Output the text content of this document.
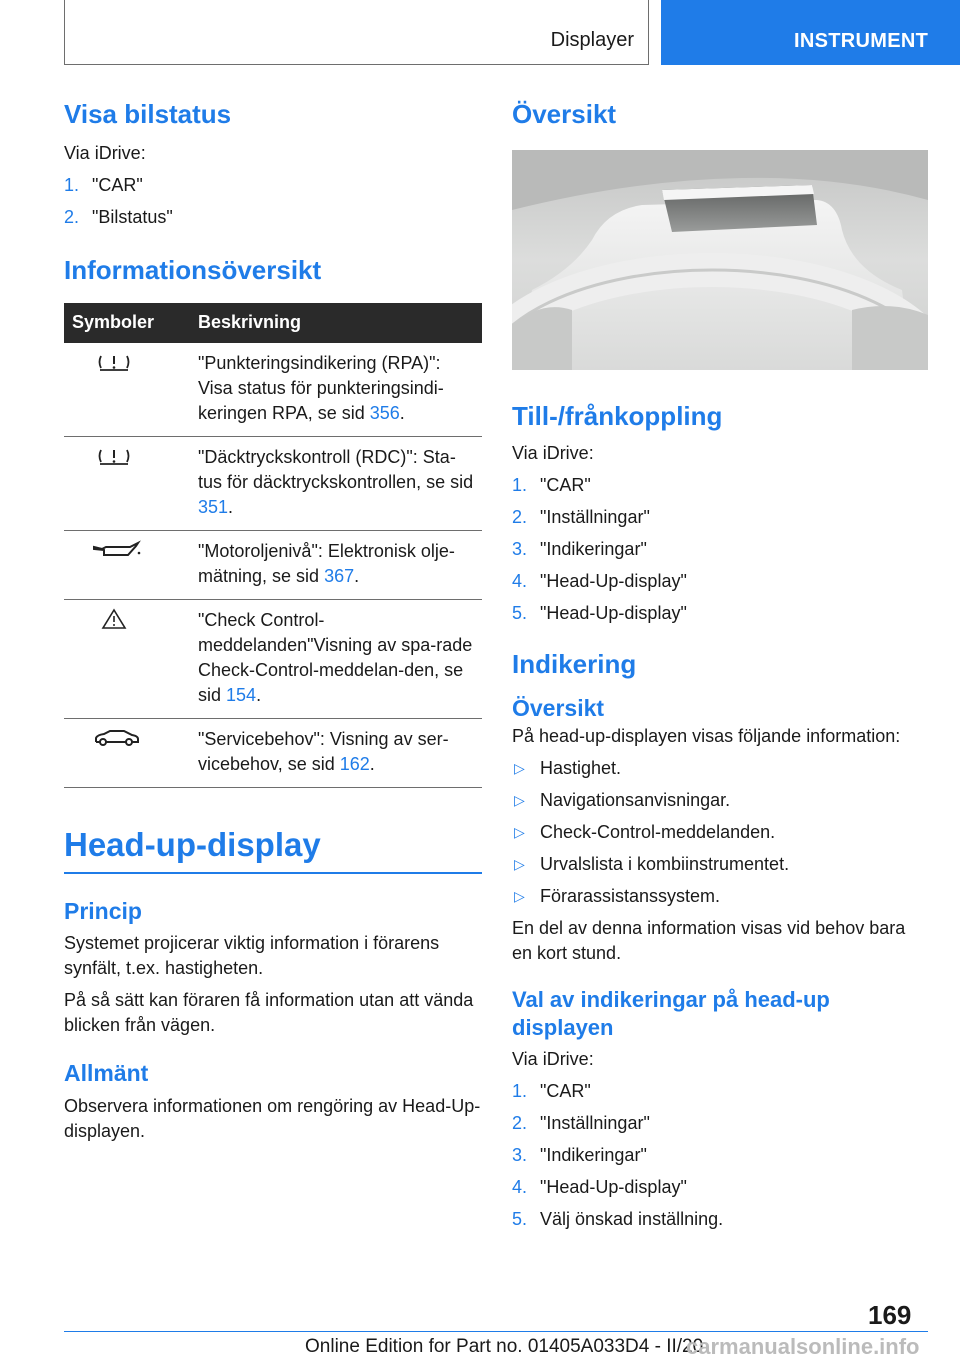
Displayer	INSTRUMENT
Visa bilstatus

Via iDrive:

1. "CAR"
2. "Bilstatus"
Informationsöversikt
Symboler	Beskrivning

	"Punkteringsindikering (RPA)": Visa status för punkteringsindi-keringen RPA, se sid 356.

	"Däcktryckskontroll (RDC)": Sta-tus för däcktryckskontrollen, se sid 351.

	"Motoroljenivå": Elektronisk olje-mätning, se sid 367.

	"Check Control-meddelanden"Visning av spa-rade Check-Control-meddelan-den, se sid 154.

	"Servicebehov": Visning av ser-vicebehov, se sid 162.
Head-up-display
Princip

Systemet projicerar viktig information i förarens synfält, t.ex. hastigheten.

På så sätt kan föraren få information utan att vända blicken från vägen.

Allmänt

Observera informationen om rengöring av Head-Up-displayen.

Översikt
Till-/frånkoppling

Via iDrive:

1. "CAR"
2. "Inställningar"
3. "Indikeringar"
4. "Head-Up-display"
5. "Head-Up-display"
Indikering
Översikt

På head-up-displayen visas följande information:

▷ Hastighet.
▷ Navigationsanvisningar.
▷ Check-Control-meddelanden.
▷ Urvalslista i kombiinstrumentet.
▷ Förarassistanssystem.

En del av denna information visas vid behov bara en kort stund.

Val av indikeringar på head-up displayen

Via iDrive:

1. "CAR"
2. "Inställningar"
3. "Indikeringar"
4. "Head-Up-display"
5. Välj önskad inställning.
169
Online Edition for Part no. 01405A033D4 - II/20
carmanualsonline.info
